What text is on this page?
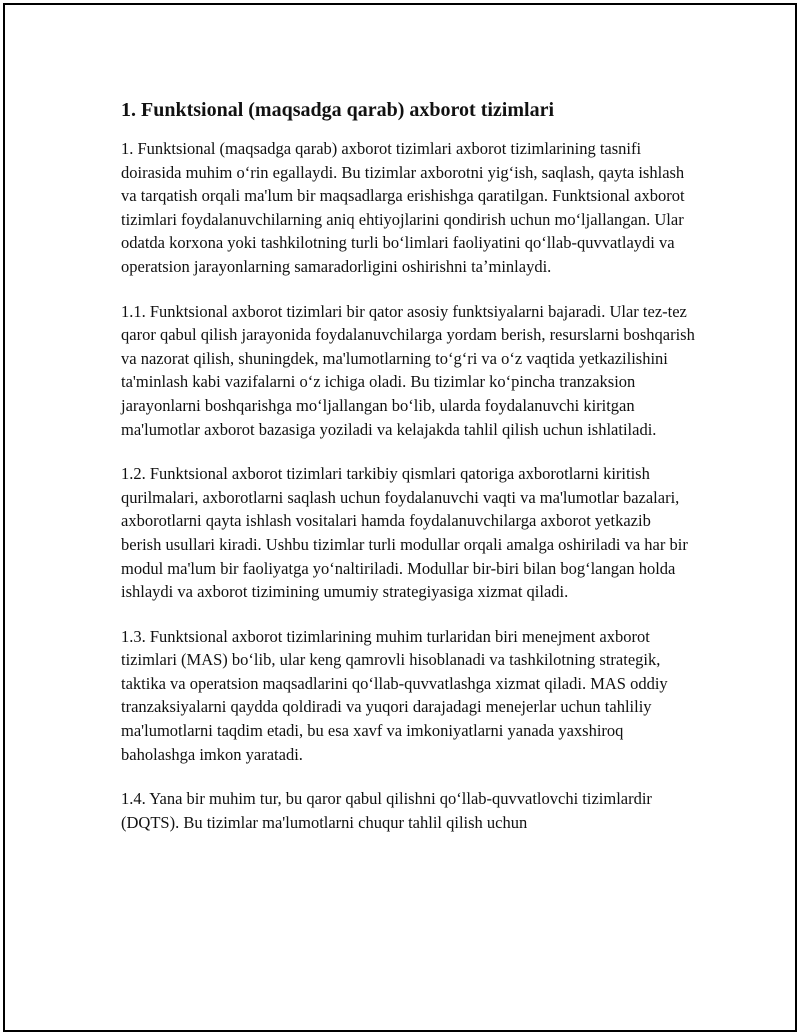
1. Funktsional (maqsadga qarab) axborot tizimlari

1. Funktsional (maqsadga qarab) axborot tizimlari axborot tizimlarining tasnifi doirasida muhim oʻrin egallaydi. Bu tizimlar axborotni yigʻish, saqlash, qayta ishlash va tarqatish orqali ma'lum bir maqsadlarga erishishga qaratilgan. Funktsional axborot tizimlari foydalanuvchilarning aniq ehtiyojlarini qondirish uchun moʻljallangan. Ular odatda korxona yoki tashkilotning turli boʻlimlari faoliyatini qoʻllab-quvvatlaydi va operatsion jarayonlarning samaradorligini oshirishni taʼminlaydi.

1.1. Funktsional axborot tizimlari bir qator asosiy funktsiyalarni bajaradi. Ular tez-tez qaror qabul qilish jarayonida foydalanuvchilarga yordam berish, resurslarni boshqarish va nazorat qilish, shuningdek, ma'lumotlarning toʻgʻri va oʻz vaqtida yetkazilishini ta'minlash kabi vazifalarni oʻz ichiga oladi. Bu tizimlar koʻpincha tranzaksion jarayonlarni boshqarishga moʻljallangan boʻlib, ularda foydalanuvchi kiritgan ma'lumotlar axborot bazasiga yoziladi va kelajakda tahlil qilish uchun ishlatiladi.

1.2. Funktsional axborot tizimlari tarkibiy qismlari qatoriga axborotlarni kiritish qurilmalari, axborotlarni saqlash uchun foydalanuvchi vaqti va ma'lumotlar bazalari, axborotlarni qayta ishlash vositalari hamda foydalanuvchilarga axborot yetkazib berish usullari kiradi. Ushbu tizimlar turli modullar orqali amalga oshiriladi va har bir modul ma'lum bir faoliyatga yoʻnaltiriladi. Modullar bir-biri bilan bogʻlangan holda ishlaydi va axborot tizimining umumiy strategiyasiga xizmat qiladi.

1.3. Funktsional axborot tizimlarining muhim turlaridan biri menejment axborot tizimlari (MAS) boʻlib, ular keng qamrovli hisoblanadi va tashkilotning strategik, taktika va operatsion maqsadlarini qoʻllab-quvvatlashga xizmat qiladi. MAS oddiy tranzaksiyalarni qaydda qoldiradi va yuqori darajadagi menejerlar uchun tahliliy ma'lumotlarni taqdim etadi, bu esa xavf va imkoniyatlarni yanada yaxshiroq baholashga imkon yaratadi.

1.4. Yana bir muhim tur, bu qaror qabul qilishni qoʻllab-quvvatlovchi tizimlardir (DQTS). Bu tizimlar ma'lumotlarni chuqur tahlil qilish uchun
